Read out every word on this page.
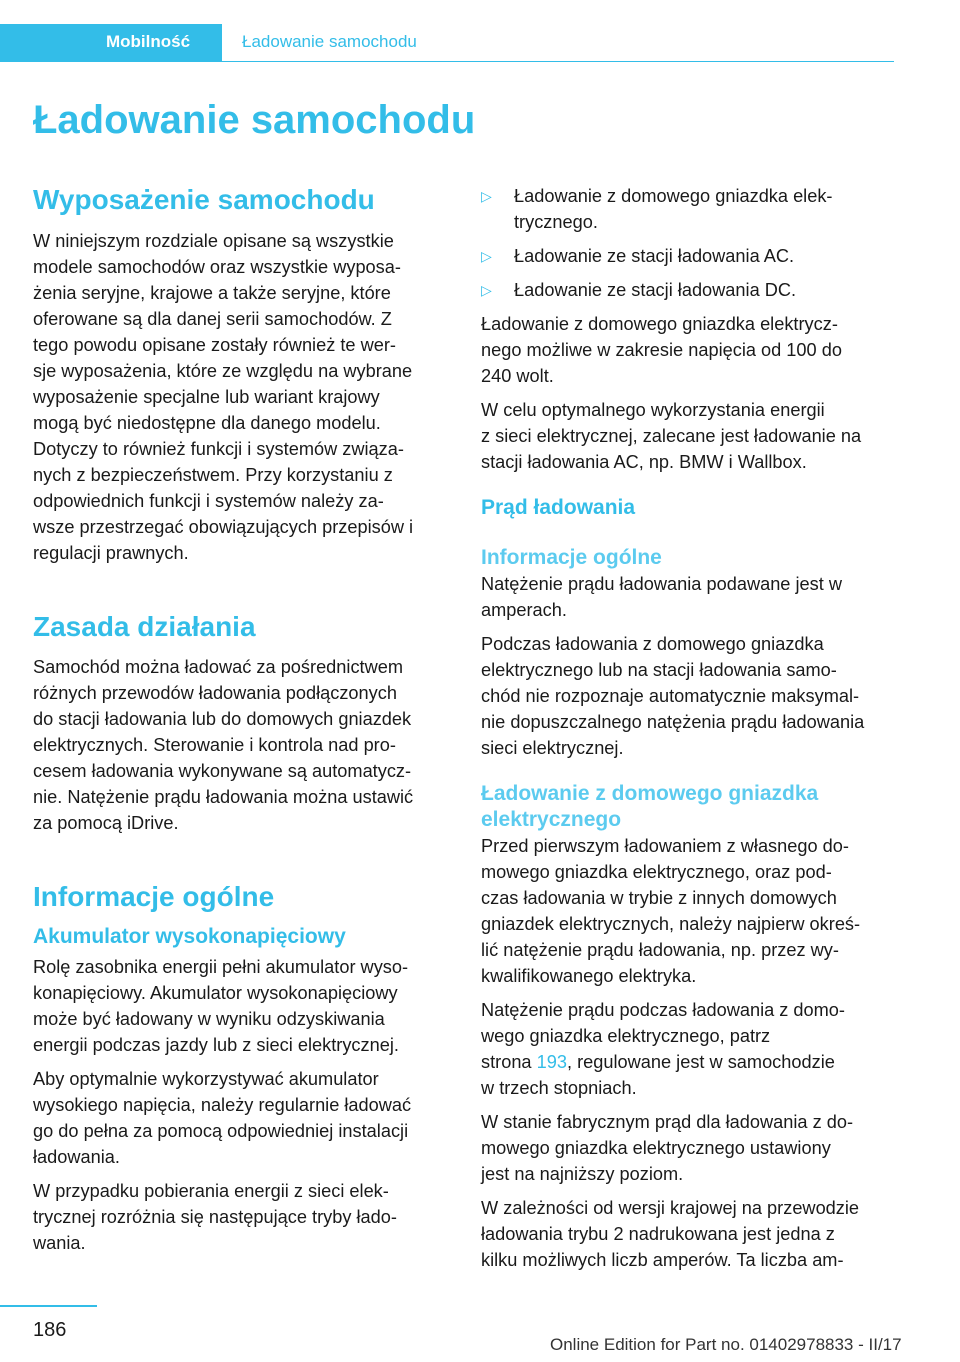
Mobilność	Ładowanie samochodu
Ładowanie samochodu
Wyposażenie samochodu
W niniejszym rozdziale opisane są wszystkie
modele samochodów oraz wszystkie wyposa‐
żenia seryjne, krajowe a także seryjne, które
oferowane są dla danej serii samochodów. Z
tego powodu opisane zostały również te wer‐
sje wyposażenia, które ze względu na wybrane
wyposażenie specjalne lub wariant krajowy
mogą być niedostępne dla danego modelu.
Dotyczy to również funkcji i systemów związa‐
nych z bezpieczeństwem. Przy korzystaniu z
odpowiednich funkcji i systemów należy za‐
wsze przestrzegać obowiązujących przepisów i
regulacji prawnych.
Zasada działania
Samochód można ładować za pośrednictwem
różnych przewodów ładowania podłączonych
do stacji ładowania lub do domowych gniazdek
elektrycznych. Sterowanie i kontrola nad pro‐
cesem ładowania wykonywane są automatycz‐
nie. Natężenie prądu ładowania można ustawić
za pomocą iDrive.
Informacje ogólne
Akumulator wysokonapięciowy
Rolę zasobnika energii pełni akumulator wyso‐
konapięciowy. Akumulator wysokonapięciowy
może być ładowany w wyniku odzyskiwania
energii podczas jazdy lub z sieci elektrycznej.
Aby optymalnie wykorzystywać akumulator
wysokiego napięcia, należy regularnie ładować
go do pełna za pomocą odpowiedniej instalacji
ładowania.
W przypadku pobierania energii z sieci elek‐
trycznej rozróżnia się następujące tryby łado‐
wania.
▷ Ładowanie z domowego gniazdka elek‐
trycznego.
▷ Ładowanie ze stacji ładowania AC.
▷ Ładowanie ze stacji ładowania DC.
Ładowanie z domowego gniazdka elektrycz‐
nego możliwe w zakresie napięcia od 100 do
240 wolt.
W celu optymalnego wykorzystania energii
z sieci elektrycznej, zalecane jest ładowanie na
stacji ładowania AC, np. BMW i Wallbox.
Prąd ładowania
Informacje ogólne
Natężenie prądu ładowania podawane jest w
amperach.
Podczas ładowania z domowego gniazdka
elektrycznego lub na stacji ładowania samo‐
chód nie rozpoznaje automatycznie maksymal‐
nie dopuszczalnego natężenia prądu ładowania
sieci elektrycznej.
Ładowanie z domowego gniazdka
elektrycznego
Przed pierwszym ładowaniem z własnego do‐
mowego gniazdka elektrycznego, oraz pod‐
czas ładowania w trybie z innych domowych
gniazdek elektrycznych, należy najpierw okreś‐
lić natężenie prądu ładowania, np. przez wy‐
kwalifikowanego elektryka.
Natężenie prądu podczas ładowania z domo‐
wego gniazdka elektrycznego, patrz
strona 193, regulowane jest w samochodzie
w trzech stopniach.
W stanie fabrycznym prąd dla ładowania z do‐
mowego gniazdka elektrycznego ustawiony
jest na najniższy poziom.
W zależności od wersji krajowej na przewodzie
ładowania trybu 2 nadrukowana jest jedna z
kilku możliwych liczb amperów. Ta liczba am‐
186
Online Edition for Part no. 01402978833 - II/17
